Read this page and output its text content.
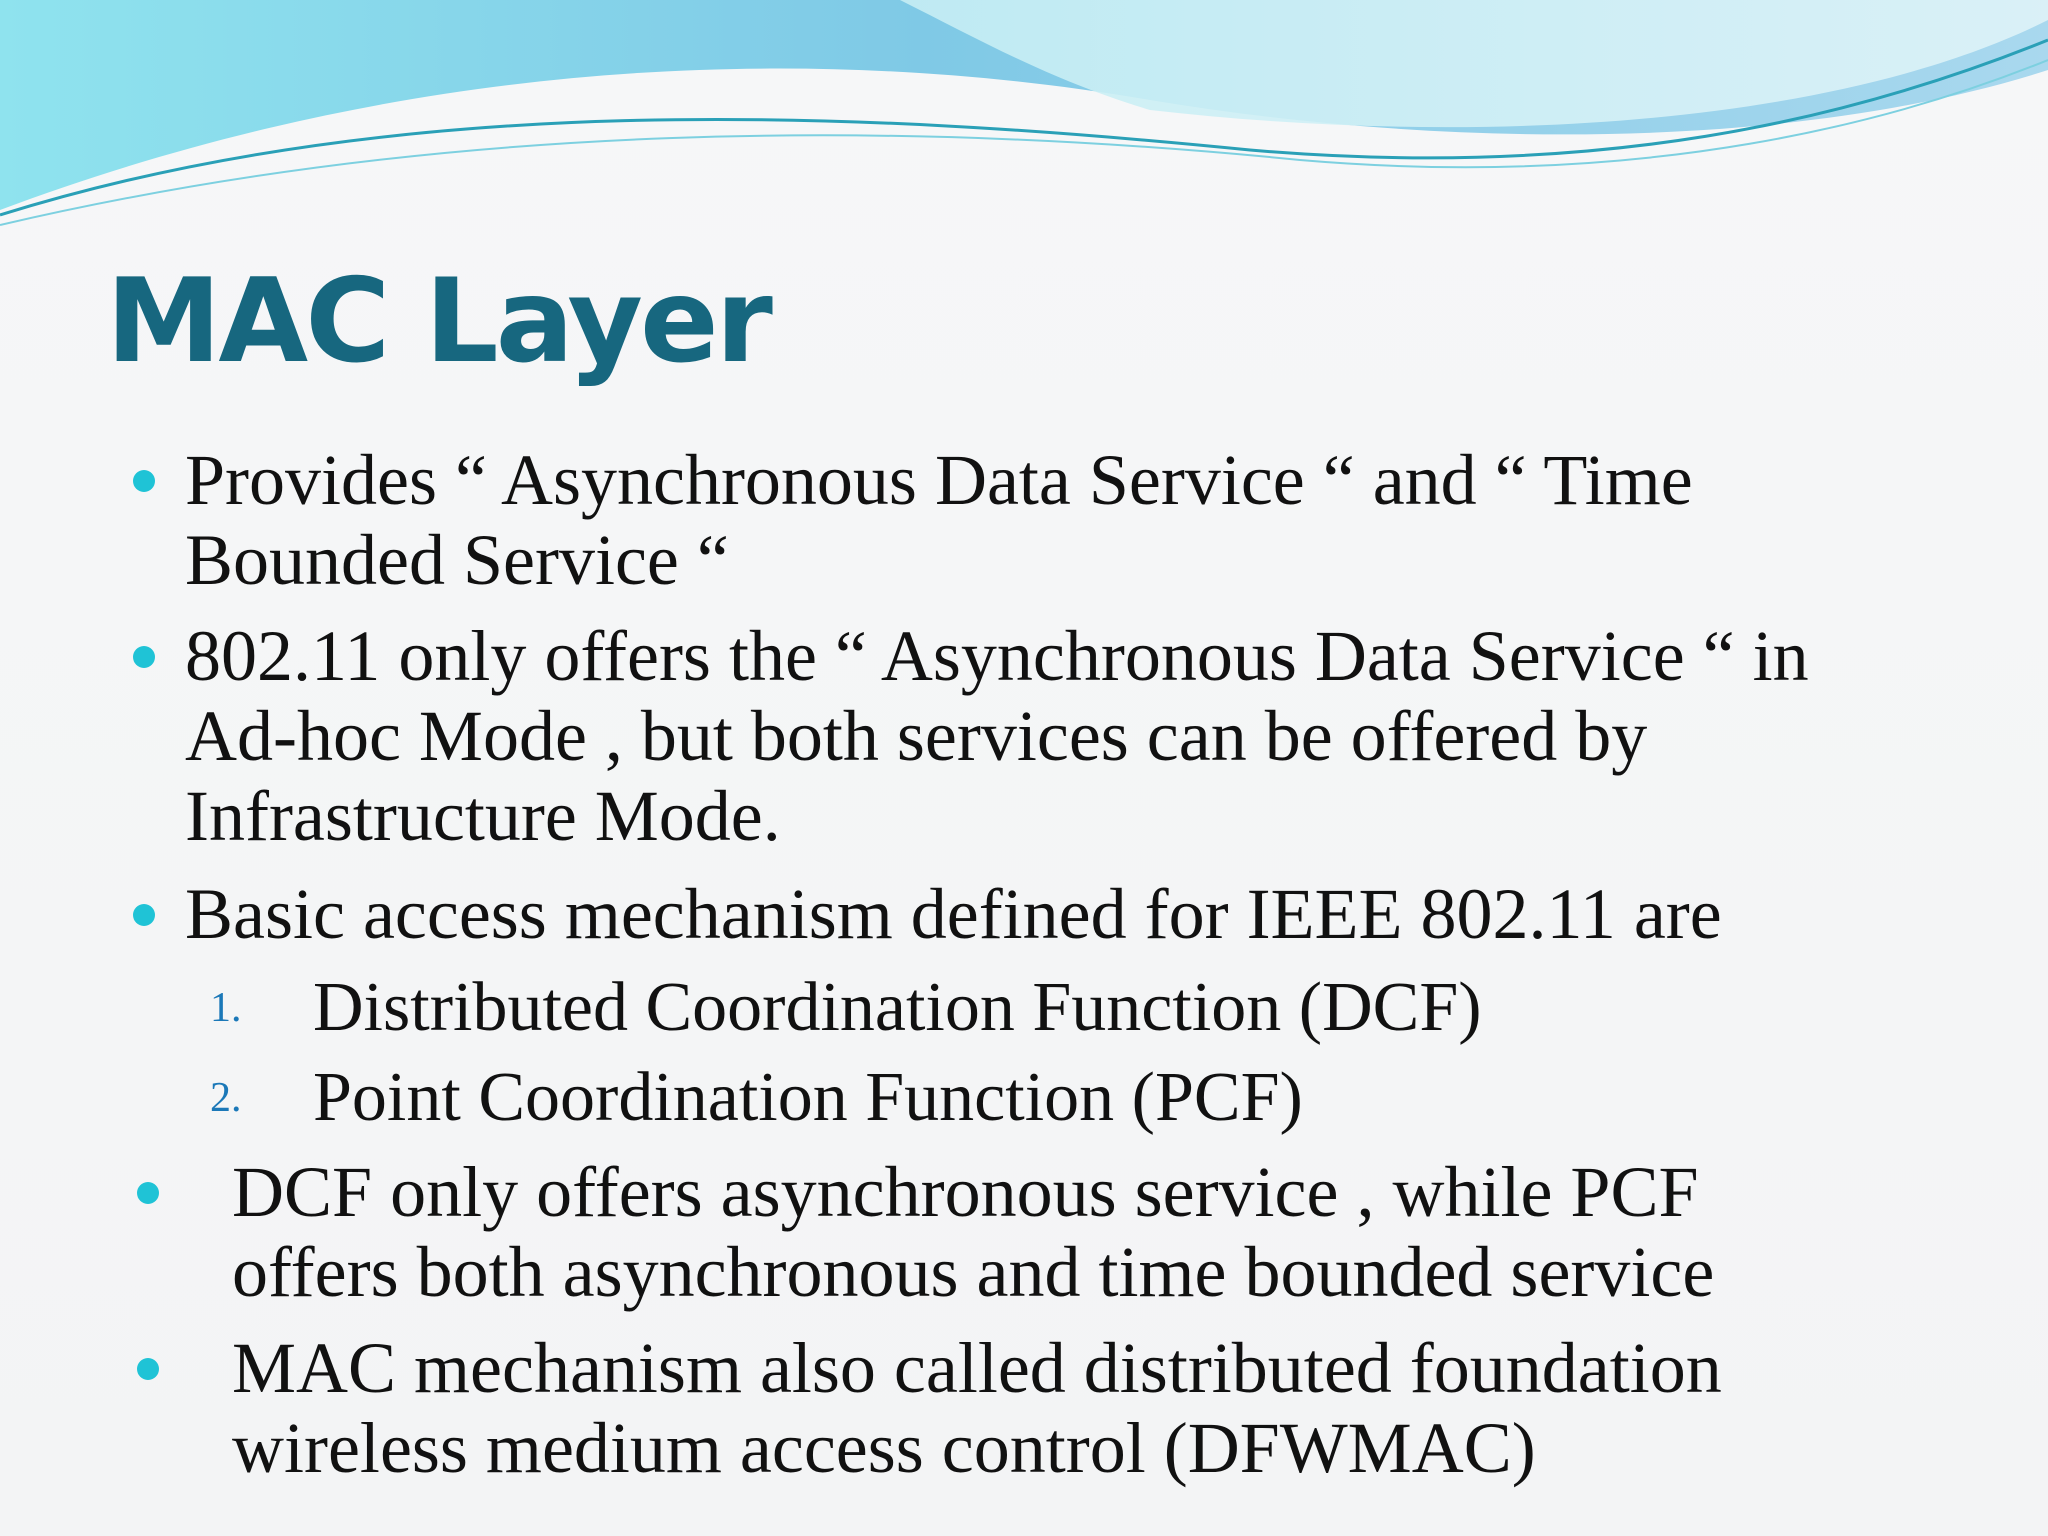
MAC Layer
Provides “ Asynchronous Data Service “ and “ Time
Bounded Service “
802.11 only offers the “ Asynchronous Data Service “ in
Ad-hoc Mode , but both services can be offered by
Infrastructure Mode.
Basic access mechanism defined for IEEE 802.11 are
1. Distributed Coordination Function (DCF)
2. Point Coordination Function (PCF)
DCF only offers asynchronous service , while PCF
offers both asynchronous and time bounded service
MAC mechanism also called distributed foundation
wireless medium access control (DFWMAC)
